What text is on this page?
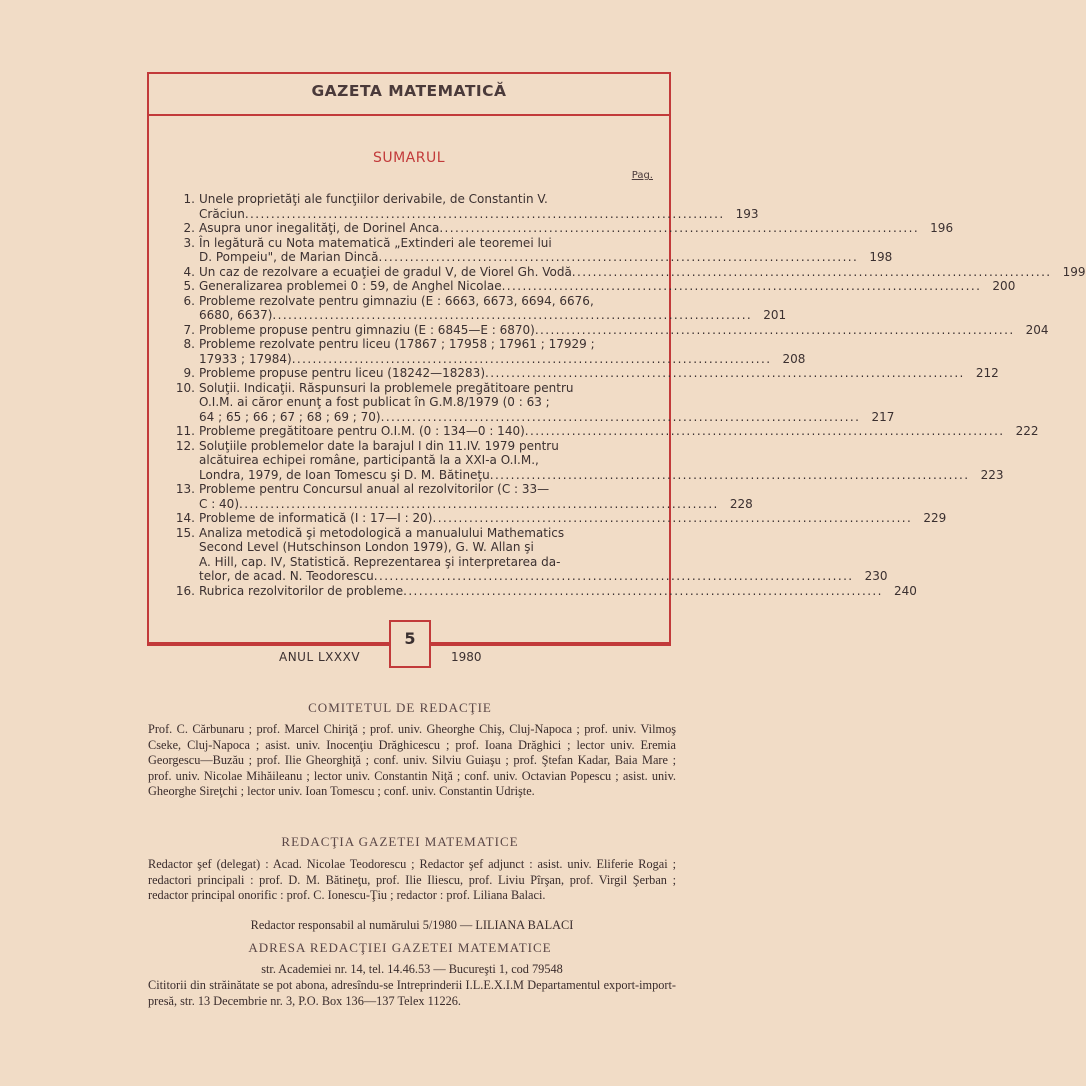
GAZETA MATEMATICĂ
SUMARUL
Pag.
1. Unele proprietăţi ale funcţiilor derivabile, de Constantin V.
Crăciun .....	193
2. Asupra unor inegalităţi, de Dorinel Anca .....	196
3. În legătură cu Nota matematică „Extinderi ale teoremei lui
D. Pompeiu", de Marian Dincă .....	198
4. Un caz de rezolvare a ecuaţiei de gradul V, de Viorel Gh. Vodă .....	199
5. Generalizarea problemei 0 : 59, de Anghel Nicolae .....	200
6. Probleme rezolvate pentru gimnaziu (E : 6663, 6673, 6694, 6676,
6680, 6637) .....	201
7. Probleme propuse pentru gimnaziu (E : 6845—E : 6870) .....	204
8. Probleme rezolvate pentru liceu (17867 ; 17958 ; 17961 ; 17929 ;
17933 ; 17984) .....	208
9. Probleme propuse pentru liceu (18242—18283) .....	212
10. Soluţii. Indicaţii. Răspunsuri la problemele pregătitoare pentru
O.I.M. ai căror enunţ a fost publicat în G.M.8/1979 (0 : 63 ;
64 ; 65 ; 66 ; 67 ; 68 ; 69 ; 70) .....	217
11. Probleme pregătitoare pentru O.I.M. (0 : 134—0 : 140) .....	222
12. Soluţiile problemelor date la barajul I din 11.IV. 1979 pentru
alcătuirea echipei române, participantă la a XXI-a O.I.M.,
Londra, 1979, de Ioan Tomescu şi D. M. Bătineţu .....	223
13. Probleme pentru Concursul anual al rezolvitorilor (C : 33—
C : 40) .....	228
14. Probleme de informatică (I : 17—I : 20) .....	229
15. Analiza metodică şi metodologică a manualului Mathematics
Second Level (Hutschinson London 1979), G. W. Allan şi
A. Hill, cap. IV, Statistică. Reprezentarea şi interpretarea da-
telor, de acad. N. Teodorescu .....	230
16. Rubrica rezolvitorilor de probleme .....	240
5
ANUL LXXXV	1980
COMITETUL DE REDACŢIE

Prof. C. Cărbunaru ; prof. Marcel Chiriţă ; prof. univ. Gheorghe Chiş, Cluj-Napoca ; prof. univ. Vilmoş Cseke, Cluj-Napoca ; asist. univ. Inocenţiu Drăghicescu ; prof. Ioana Drăghici ; lector univ. Eremia Georgescu—Buzău ; prof. Ilie Gheorghiţă ; conf. univ. Silviu Guiaşu ; prof. Ştefan Kadar, Baia Mare ; prof. univ. Nicolae Mihăileanu ; lector univ. Constantin Niţă ; conf. univ. Octavian Popescu ; asist. univ. Gheorghe Sireţchi ; lector univ. Ioan Tomescu ; conf. univ. Constantin Udrişte.

REDACŢIA GAZETEI MATEMATICE

Redactor şef (delegat) : Acad. Nicolae Teodorescu ; Redactor şef adjunct : asist. univ. Eliferie Rogai ; redactori principali : prof. D. M. Bătineţu, prof. Ilie Iliescu, prof. Liviu Pîrşan, prof. Virgil Şerban ; redactor principal onorific : prof. C. Ionescu-Ţiu ; redactor : prof. Liliana Balaci.

Redactor responsabil al numărului 5/1980 — LILIANA BALACI

ADRESA REDACŢIEI GAZETEI MATEMATICE

str. Academiei nr. 14, tel. 14.46.53 — Bucureşti 1, cod 79548

Cititorii din străinătate se pot abona, adresîndu-se Intreprinderii I.L.E.X.I.M Departamentul export-import-presă, str. 13 Decembrie nr. 3, P.O. Box 136—137 Telex 11226.
